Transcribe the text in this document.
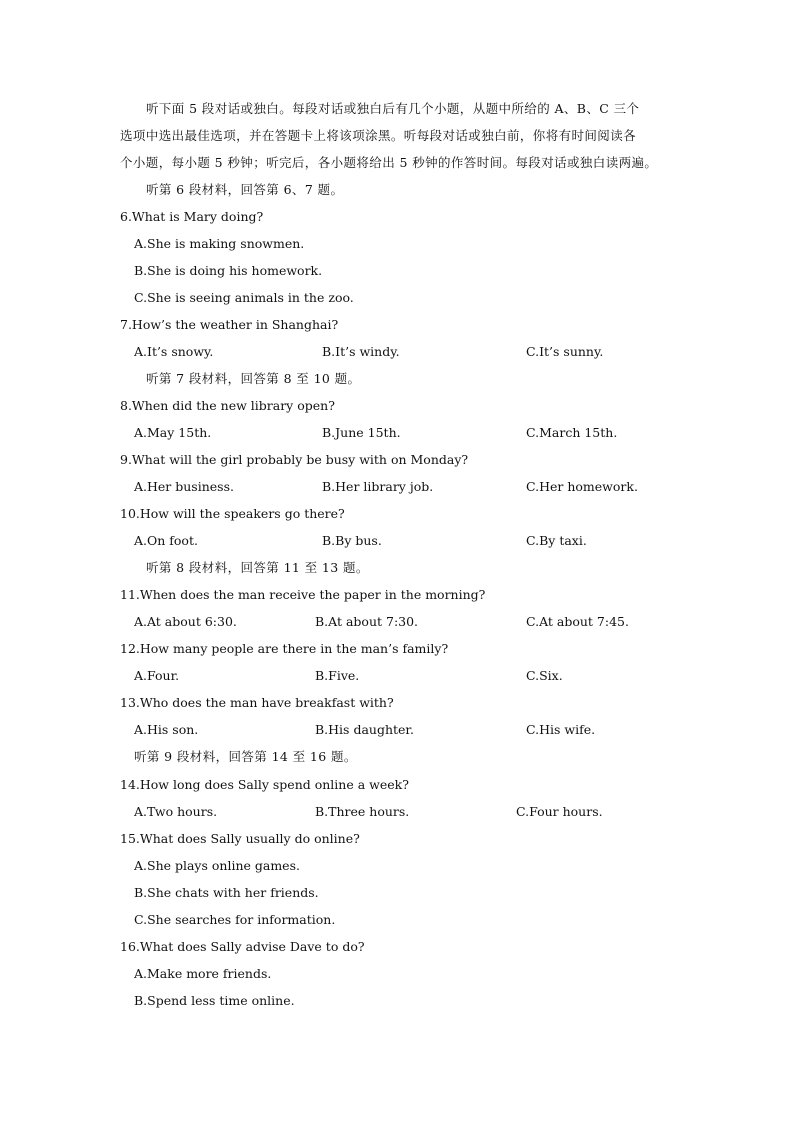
听下面 5 段对话或独白。每段对话或独白后有几个小题，从题中所给的 A、B、C 三个
选项中选出最佳选项，并在答题卡上将该项涂黑。听每段对话或独白前，你将有时间阅读各
个小题，每小题 5 秒钟；听完后，各小题将给出 5 秒钟的作答时间。每段对话或独白读两遍。
听第 6 段材料，回答第 6、7 题。
6.What is Mary doing?
A.She is making snowmen.
B.She is doing his homework.
C.She is seeing animals in the zoo.
7.How’s the weather in Shanghai?
A.It’s snowy.	B.It’s windy.	C.It’s sunny.
听第 7 段材料，回答第 8 至 10 题。
8.When did the new library open?
A.May 15th.	B.June 15th.	C.March 15th.
9.What will the girl probably be busy with on Monday?
A.Her business.	B.Her library job.	C.Her homework.
10.How will the speakers go there?
A.On foot.	B.By bus.	C.By taxi.
听第 8 段材料，回答第 11 至 13 题。
11.When does the man receive the paper in the morning?
A.At about 6:30.	B.At about 7:30.	C.At about 7:45.
12.How many people are there in the man’s family?
A.Four.	B.Five.	C.Six.
13.Who does the man have breakfast with?
A.His son.	B.His daughter.	C.His wife.
听第 9 段材料，回答第 14 至 16 题。
14.How long does Sally spend online a week?
A.Two hours.	B.Three hours.	C.Four hours.
15.What does Sally usually do online?
A.She plays online games.
B.She chats with her friends.
C.She searches for information.
16.What does Sally advise Dave to do?
A.Make more friends.
B.Spend less time online.
